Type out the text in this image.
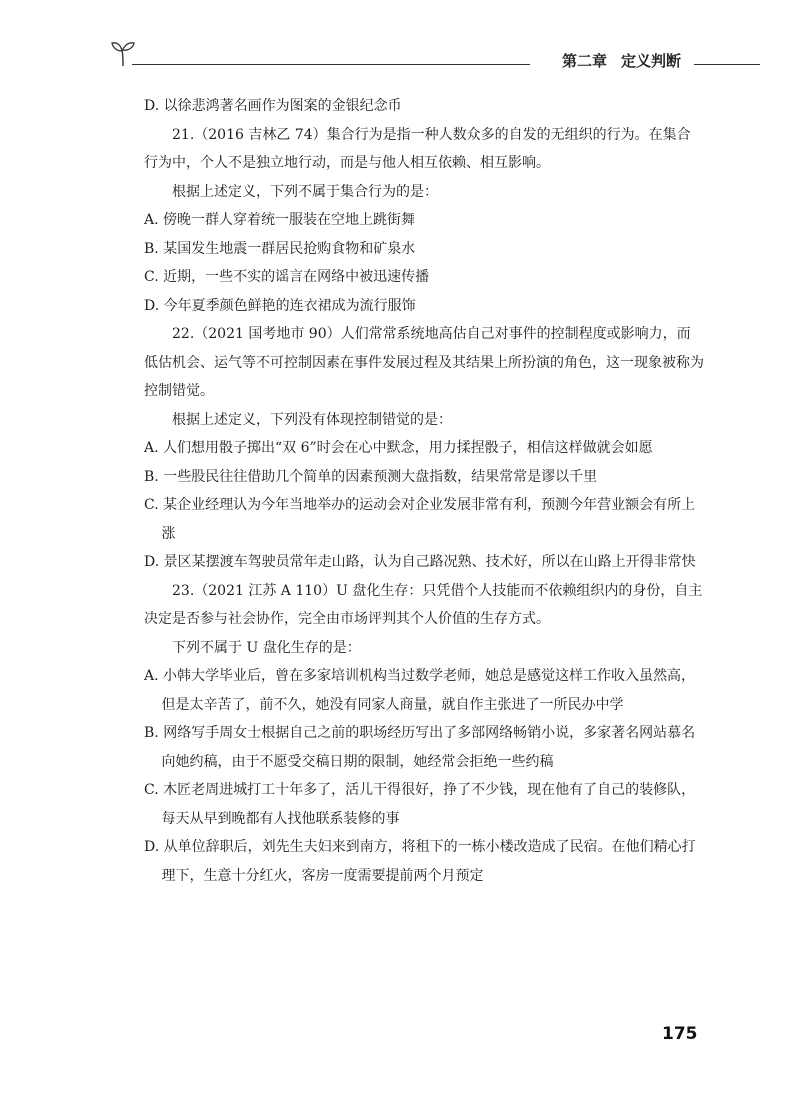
第二章 定义判断
D. 以徐悲鸿著名画作为图案的金银纪念币
21.（2016 吉林乙 74）集合行为是指一种人数众多的自发的无组织的行为。在集合行为中，个人不是独立地行动，而是与他人相互依赖、相互影响。
根据上述定义，下列不属于集合行为的是：
A. 傍晚一群人穿着统一服装在空地上跳街舞
B. 某国发生地震一群居民抢购食物和矿泉水
C. 近期，一些不实的谣言在网络中被迅速传播
D. 今年夏季颜色鲜艳的连衣裙成为流行服饰
22.（2021 国考地市 90）人们常常系统地高估自己对事件的控制程度或影响力，而低估机会、运气等不可控制因素在事件发展过程及其结果上所扮演的角色，这一现象被称为控制错觉。
根据上述定义，下列没有体现控制错觉的是：
A. 人们想用骰子掷出“双 6”时会在心中默念，用力揉捏骰子，相信这样做就会如愿
B. 一些股民往往借助几个简单的因素预测大盘指数，结果常常是谬以千里
C. 某企业经理认为今年当地举办的运动会对企业发展非常有利，预测今年营业额会有所上涨
D. 景区某摆渡车驾驶员常年走山路，认为自己路况熟、技术好，所以在山路上开得非常快
23.（2021 江苏 A 110）U 盘化生存：只凭借个人技能而不依赖组织内的身份，自主决定是否参与社会协作，完全由市场评判其个人价值的生存方式。
下列不属于 U 盘化生存的是：
A. 小韩大学毕业后，曾在多家培训机构当过数学老师，她总是感觉这样工作收入虽然高，但是太辛苦了，前不久，她没有同家人商量，就自作主张进了一所民办中学
B. 网络写手周女士根据自己之前的职场经历写出了多部网络畅销小说，多家著名网站慕名向她约稿，由于不愿受交稿日期的限制，她经常会拒绝一些约稿
C. 木匠老周进城打工十年多了，活儿干得很好，挣了不少钱，现在他有了自己的装修队，每天从早到晚都有人找他联系装修的事
D. 从单位辞职后，刘先生夫妇来到南方，将租下的一栋小楼改造成了民宿。在他们精心打理下，生意十分红火，客房一度需要提前两个月预定
175
